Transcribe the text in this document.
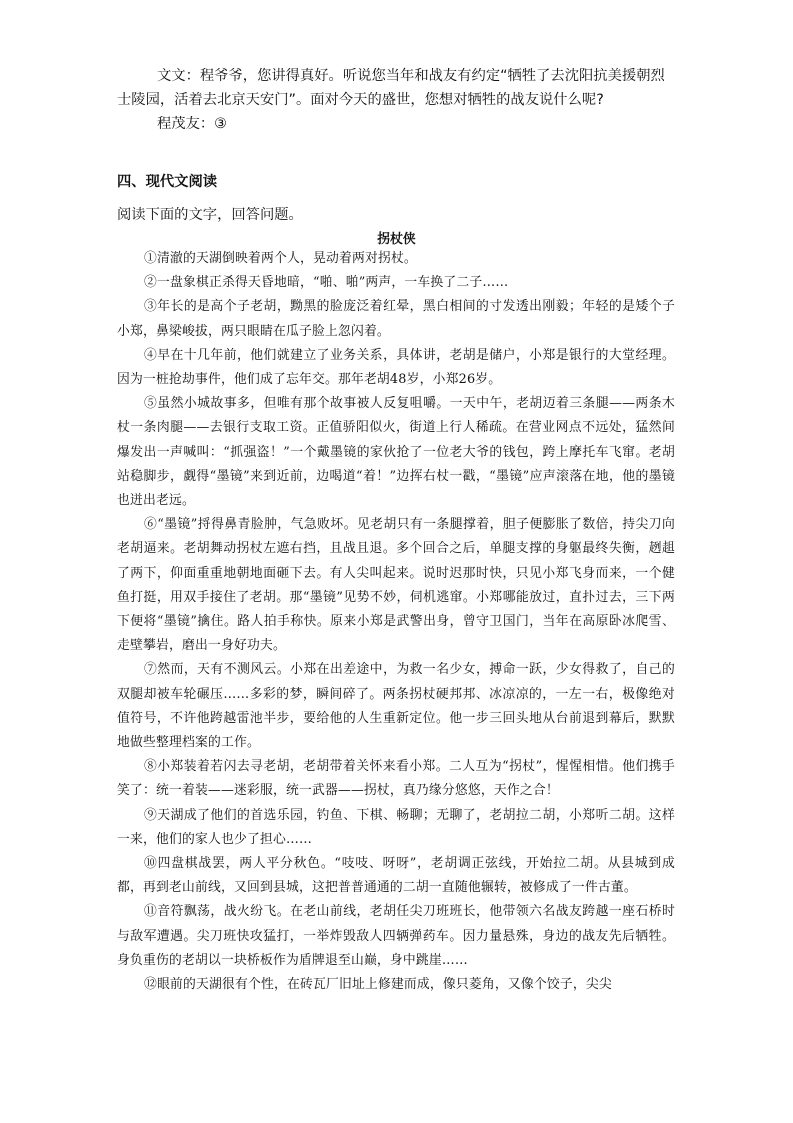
文文：程爷爷，您讲得真好。听说您当年和战友有约定“牺牲了去沈阳抗美援朝烈士陵园，活着去北京天安门”。面对今天的盛世，您想对牺牲的战友说什么呢?

程茂友：③

四、现代文阅读

阅读下面的文字，回答问题。

拐杖侠

①清澈的天湖倒映着两个人，晃动着两对拐杖。

②一盘象棋正杀得天昏地暗，“啪、啪”两声，一车换了二子……

③年长的是高个子老胡，黝黑的脸庞泛着红晕，黑白相间的寸发透出刚毅；年轻的是矮个子小郑，鼻梁峻拔，两只眼睛在瓜子脸上忽闪着。

④早在十几年前，他们就建立了业务关系，具体讲，老胡是储户，小郑是银行的大堂经理。因为一桩抢劫事件，他们成了忘年交。那年老胡48岁，小郑26岁。

⑤虽然小城故事多，但唯有那个故事被人反复咀嚼。一天中午，老胡迈着三条腿——两条木杖一条肉腿——去银行支取工资。正值骄阳似火，街道上行人稀疏。在营业网点不远处，猛然间爆发出一声喊叫：“抓强盗！”一个戴墨镜的家伙抢了一位老大爷的钱包，跨上摩托车飞窜。老胡站稳脚步，觑得“墨镜”来到近前，边喝道“着！”边挥右杖一戳，“墨镜”应声滚落在地，他的墨镜也迸出老远。

⑥“墨镜”捋得鼻青脸肿，气急败坏。见老胡只有一条腿撑着，胆子便膨胀了数倍，持尖刀向老胡逼来。老胡舞动拐杖左遮右挡，且战且退。多个回合之后，单腿支撑的身躯最终失衡，趔趄了两下，仰面重重地朝地面砸下去。有人尖叫起来。说时迟那时快，只见小郑飞身而来，一个健鱼打挺，用双手接住了老胡。那“墨镜”见势不妙，伺机逃窜。小郑哪能放过，直扑过去，三下两下便将“墨镜”擒住。路人拍手称快。原来小郑是武警出身，曾守卫国门，当年在高原卧冰爬雪、走壁攀岩，磨出一身好功夫。

⑦然而，天有不测风云。小郑在出差途中，为救一名少女，搏命一跃，少女得救了，自己的双腿却被车轮碾压……多彩的梦，瞬间碎了。两条拐杖硬邦邦、冰凉凉的，一左一右，极像绝对值符号，不许他跨越雷池半步，要给他的人生重新定位。他一步三回头地从台前退到幕后，默默地做些整理档案的工作。

⑧小郑装着若闪去寻老胡，老胡带着关怀来看小郑。二人互为“拐杖”，惺惺相惜。他们携手笑了：统一着装——迷彩服，统一武器——拐杖，真乃缘分悠悠，天作之合！

⑨天湖成了他们的首选乐园，钓鱼、下棋、畅聊；无聊了，老胡拉二胡，小郑听二胡。这样一来，他们的家人也少了担心……

⑩四盘棋战罢，两人平分秋色。“吱吱、呀呀”，老胡调正弦线，开始拉二胡。从县城到成都，再到老山前线，又回到县城，这把普普通通的二胡一直随他辗转，被修成了一件古董。

⑪音符飘荡，战火纷飞。在老山前线，老胡任尖刀班班长，他带领六名战友跨越一座石桥时与敌军遭遇。尖刀班快攻猛打，一举炸毁敌人四辆弹药车。因力量悬殊，身边的战友先后牺牲。身负重伤的老胡以一块桥板作为盾牌退至山巅，身中跳崖……

⑫眼前的天湖很有个性，在砖瓦厂旧址上修建而成，像只菱角，又像个饺子，尖尖
